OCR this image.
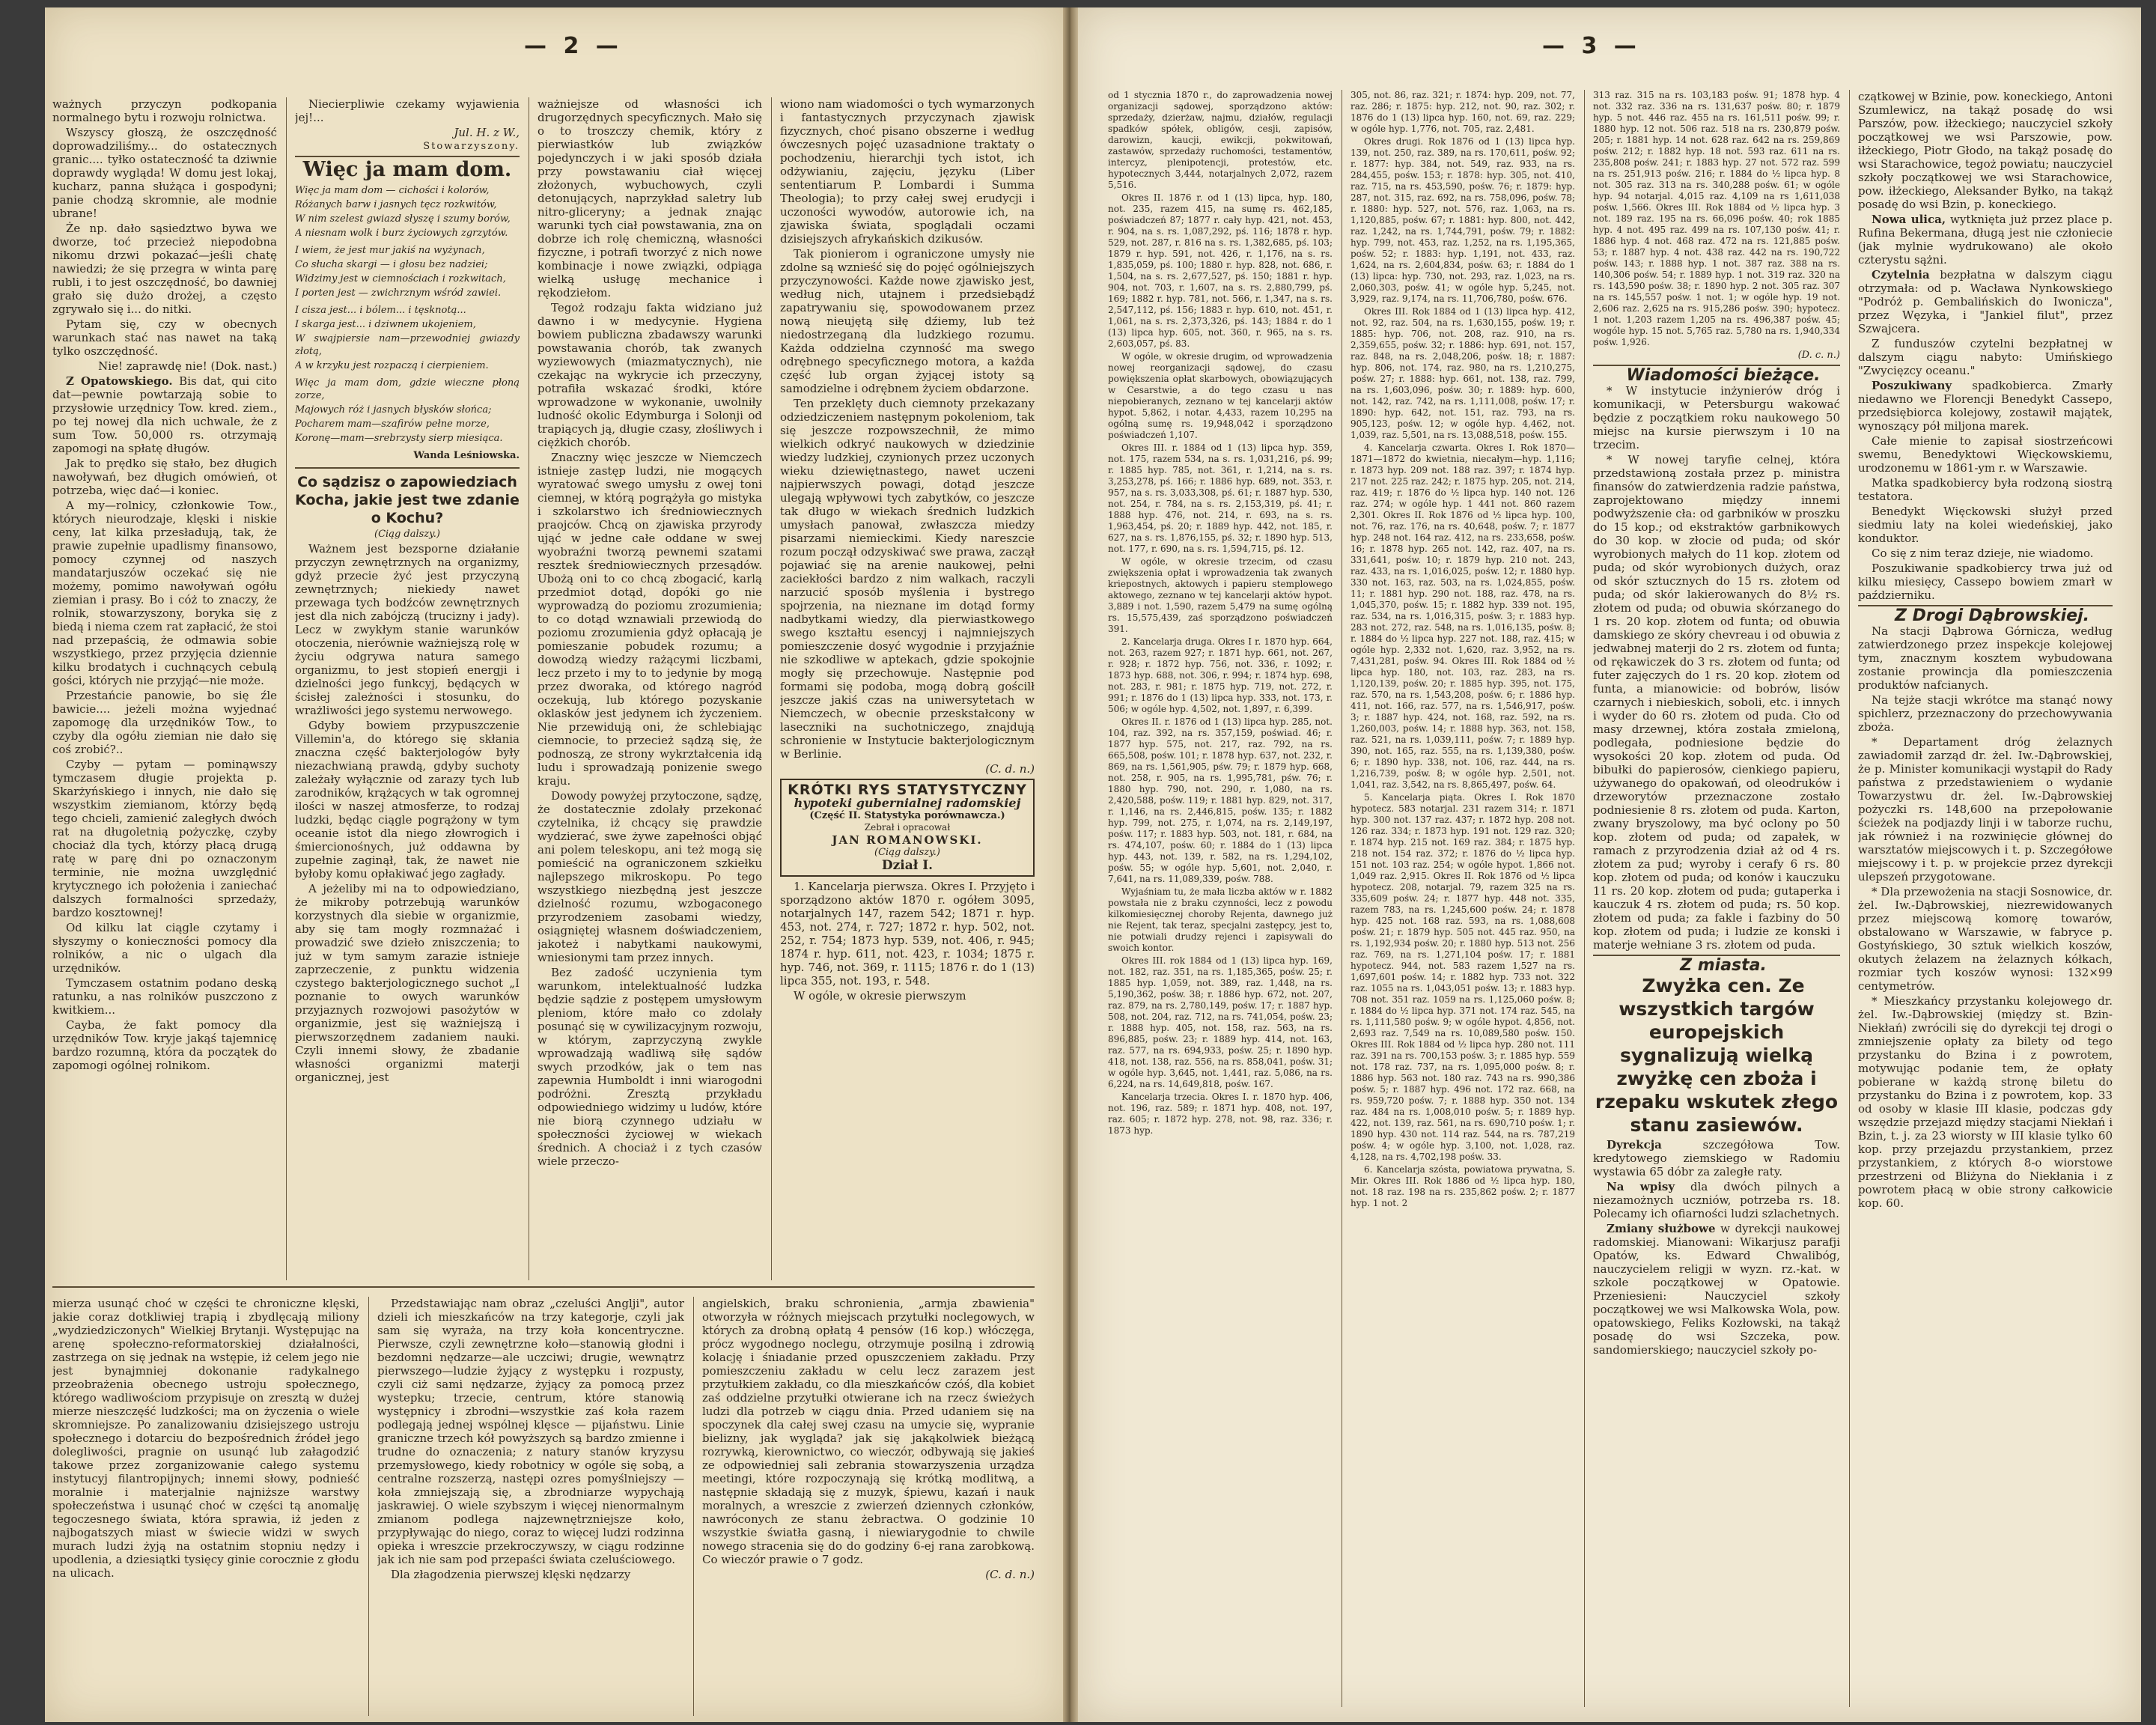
— 2 —

ważnych przyczyn podkopania normalnego bytu i rozwoju rolnictwa.

Wszyscy głoszą, że oszczędność doprowadziliśmy... do ostatecznych granic.... tyłko ostateczność ta dziwnie doprawdy wygląda! W domu jest lokaj, kucharz, panna służąca i gospodyni; panie chodzą skromnie, ale modnie ubrane!

Że np. dało sąsiedztwo bywa we dworze, toć przecież niepodobna nikomu drzwi pokazać—jeśli chatę nawiedzi; że się przegra w winta parę rubli, i to jest oszczędność, bo dawniej grało się dużo drożej, a często zgrywało się i... do nitki.

Pytam się, czy w obecnych warunkach stać nas nawet na taką tylko oszczędność.

Nie! zaprawdę nie! (Dok. nast.)

Z Opatowskiego. Bis dat, qui cito dat—pewnie powtarzają sobie to przysłowie urzędnicy Tow. kred. ziem., po tej nowej dla nich uchwale, że z sum Tow. 50,000 rs. otrzymają zapomogi na spłatę długów.

Jak to prędko się stało, bez długich nawoływań, bez długich omówień, ot potrzeba, więc dać—i koniec.

A my—rolnicy, członkowie Tow., których nieurodzaje, klęski i niskie ceny, lat kilka przesładują, tak, że prawie zupełnie upadlismy finansowo, pomocy czynnej od naszych mandatarjuszów oczekać się nie możemy, pomimo nawoływań ogółu ziemian i prasy. Bo i cóż to znaczy, że rolnik, stowarzyszony, borykа się z biedą i niema czem rat zapłacić, że stoi nad przepaścią, że odmawia sobie wszystkiego, przez przyjęcia dziennie kilku brodatych i cuchnących cebulą gości, których nie przyjąć—nie może.

Przestańcie panowie, bo się źle bawicie.... jeżeli można wyjednać zapomogę dla urzędników Tow., to czyby dla ogółu ziemian nie dało się coś zrobić?..

Czyby — pytam — pominąwszy tymczasem długie projekta p. Skarżyńskiego i innych, nie dało się wszystkim ziemianom, którzy będą tego chcieli, zamienić zaległych dwóch rat na długoletnią pożyczkę, czyby chociaż dla tych, którzy płacą drugą ratę w parę dni po oznaczonym terminie, nie można uwzględnić krytycznego ich położenia i zaniechać dalszych formalności sprzedaży, bardzo kosztownej!

Od kilku lat ciągle czytamy i słyszymy o konieczności pomocy dla rolników, a nic o ulgach dla urzędników.

Tymczasem ostatnim podano deską ratunku, a nas rolników puszczono z kwitkiem...

Cayba, że fakt pomocy dla urzędników Tow. kryje jakąś tajemnicę bardzo rozumną, która da początek do zapomogi ogólnej rolnikom.

Niecierpliwie czekamy wyjawienia jej!...

Jul. H. z W.,

Stowarzyszony.

Więc ja mam dom.

Więc ja mam dom — cichości i kolorów,

Różanych barw i jasnych tęcz rozkwitów,

W nim szelest gwiazd słyszę i szumy borów,

A niesnam wolk i burz życiowych zgrzytów.

I wiem, że jest mur jakiś na wyżynach,

Co słucha skargi — i głosu bez nadziei;

Widzimy jest w ciemnościach i rozkwitach,

I porten jest — zwichrznym wśród zawiei.

I cisza jest... i bólem... i tęsknotą...

I skarga jest... i dziwnem ukojeniem,

W swajpiersie nam—przewodniej gwiazdy złotą,

A w krzyku jest rozpaczą i cierpieniem.

Więc ja mam dom, gdzie wieczne płoną zorze,

Majowych róż i jasnych błysków słońca;

Pocharem mam—szafirów pełne morze,

Koronę—mam—srebrzysty sierp miesiąca.

Wanda Leśniowska.

Co sądzisz o zapowiedziach Kocha, jakie jest twe zdanie o Kochu?

(Ciąg dalszy.)

Ważnem jest bezsporne działanie przyczyn zewnętrznych na organizmy, gdyż przecie żyć jest przyczyną zewnętrznych; niekiedy nawet przewaga tych bodźców zewnętrznych jest dla nich zabójczą (trucizny i jady). Lecz w zwykłym stanie warunków otoczenia, nierównie ważniejszą rolę w życiu odgrywa natura samego organizmu, to jest stopień energji i dzielności jego funkcyj, będących w ścisłej zależności i stosunku, do wrażliwości jego systemu nerwowego.

Gdyby bowiem przypuszczenie Villemin'a, do którego się skłania znaczna część bakterjologów były niezachwianą prawdą, gdyby suchoty zależały wyłącznie od zarazy tych lub zarodników, krążących w tak ogromnej ilości w naszej atmosferze, to rodzaj ludzki, będąc ciągle pogrążony w tym oceanie istot dla niego złowrogich i śmiercionośnych, już oddawna by zupełnie zaginął, tak, że nawet nie byłoby komu opłakiwać jego zagłady.

A jeżeliby mi na to odpowiedziano, że mikroby potrzebują warunków korzystnych dla siebie w organizmie, aby się tam mogły rozmnażać i prowadzić swe dzieło zniszczenia; to już w tym samym zarazie istnieje zaprzeczenie, z punktu widzenia czystego bakterjologicznego suchot „I poznanie to owych warunków przyjaznych rozwojowi pasożytów w organizmie, jest się ważniejszą i pierwszorzędnem zadaniem nauki. Czyli innemi słowy, że zbadanie własności organizmi materji organicznej, jest

ważniejsze od własności ich drugorzędnych specyficznych. Mało się o to troszczy chemik, który z pierwiastków lub związków pojedynczych i w jaki sposób działa przy powstawaniu ciał więcej złożonych, wybuchowych, czyli detonujących, naprzykład saletry lub nitro-gliceryny; a jednak znając warunki tych ciał powstawania, zna on dobrze ich rolę chemiczną, własności fizyczne, i potrafi tworzyć z nich nowe kombinacje i nowe związki, odpiąga wielką usługę mechanice i rękodziełom.

Tegoż rodzaju fakta widziano już dawno i w medycynie. Hygiena bowiem publiczna zbadawszy warunki powstawania chorób, tak zwanych wyziewowych (miazmatycznych), nie czekając na wykrycie ich przeczyny, potrafiła wskazać środki, które wprowadzone w wykonanie, uwolniły ludność okolic Edymburga i Solonji od trapiących ją, długie czasy, złośliwych i ciężkich chorób.

Znaczny więc jeszcze w Niemczech istnieje zastęp ludzi, nie mogących wyratować swego umysłu z owej toni ciemnej, w którą pogrążyła go mistyka i szkolarstwo ich średniowiecznych praojców. Chcą on zjawiska przyrody ująć w jedne całe oddane w swej wyobraźni tworzą pewnemi szatami resztek średniowiecznych przesądów. Ubożą oni to co chcą zbogacić, karlą przedmiot dotąd, dopóki go nie wyprowadzą do poziomu zrozumienia; to co dotąd wznawiali przewiodą do poziomu zrozumienia gdyż opłacają je pomieszanie pobudek rozumu; a dowodzą wiedzy rażącymi liczbami, lecz przeto i my to to jedynie by mogą przez dworaka, od którego nagród oczekują, lub którego pozyskanie oklasków jest jedynem ich życzeniem. Nie przewidują oni, że schlebiając ciemnocie, to przecież sądzą się, że podnoszą, ze strony wykrztałcenia idą ludu i sprowadzają ponizenie swego kraju.

Dowody powyżej przytoczone, sądzę, że dostatecznie zdolały przekonać czytelnika, iż chcący się prawdzie wydzierać, swe żywe zapełności objąć ani polem teleskopu, ani też mogą się pomieścić na ograniczonem szkiełku najlepszego mikroskopu. Po tego wszystkiego niezbędną jest jeszcze dzielność rozumu, wzbogaconego przyrodzeniem zasobami wiedzy, osiągniętej własnem doświadczeniem, jakoteż i nabytkami naukowymi, wniesionymi tam przez innych.

Bez zadość uczynienia tym warunkom, intelektualność ludzka będzie sądzie z postępem umysłowym pleniom, które mało co zdolały posunąć się w cywilizacyjnym rozwoju, w którym, zaprzyczyną zwykle wprowadzają wadliwą siłę sądów swych przodków, jak o tem nas zapewnia Humboldt i inni wiarogodni podróżni. Zresztą przykładu odpowiedniego widzimy u ludów, które nie biorą czynnego udziału w społeczności życiowej w wiekach średnich. A chociaż i z tych czasów wiele przeczo-

wiono nam wiadomości o tych wymarzonych i fantastycznych przyczynach zjawisk fizycznych, choć pisano obszerne i według ówczesnych pojęć uzasadnione traktaty o pochodzeniu, hierarchji tych istot, ich odżywianiu, zajęciu, języku (Liber sententiarum P. Lombardi i Summa Theologia); to przy całej swej erudycji i uczoności wywodów, autorowie ich, na zjawiska świata, spoglądali oczami dzisiejszych afrykańskich dzikusów.

Tak pionierom i ograniczone umysły nie zdolne są wznieść się do pojęć ogólniejszych przyczynowości. Każde nowe zjawisko jest, według nich, utajnem i przedsiebądź zapatrywaniu się, spowodowanem przez nową nieujętą siłę dźiemy, lub też niedostrzeganą dla ludzkiego rozumu. Każda oddzielna czynność ma swego odrębnego specyficznego motora, a każda część lub organ żyjącej istoty są samodzielne i odrębnem życiem obdarzone.

Ten przeklęty duch ciemnoty przekazany odziedziczeniem następnym pokoleniom, tak się jeszcze rozpowszechnił, że mimo wielkich odkryć naukowych w dziedzinie wiedzy ludzkiej, czynionych przez uczonych wieku dziewiętnastego, nawet uczeni najpierwszych powagi, dotąd jeszcze ulegają wpływowi tych zabytków, co jeszcze tak długo w wiekach średnich ludzkich umysłach panował, zwłaszcza miedzy pisarzami niemieckimi. Kiedy nareszcie rozum począł odzyskiwać swe prawa, zaczął pojawiać się na arenie naukowej, pełni zaciekłości bardzo z nim walkach, raczyli narzucić sposób myślenia i bystrego spojrzenia, na nieznane im dotąd formy nadbytkami wiedzy, dla pierwiastkowego swego kształtu esencyj i najmniejszych pomieszczenie dosyć wygodnie i przyjaźnie nie szkodliwe w aptekach, gdzie spokojnie mogły się przechowuje. Następnie pod formami się podoba, mogą dobrą gościlł jeszcze jakiś czas na uniwersytetach w Niemczech, w obecnie przeskstałcony w laseczniki na suchotniczego, znajdują schronienie w Instytucie bakterjologicznym w Berlinie.

(C. d. n.)

KRÓTKI RYS STATYSTYCZNY
hypoteki gubernialnej radomskiej
(Część II. Statystyka porównawcza.)
Zebrał i opracował
JAN ROMANOWSKI.
(Ciąg dalszy.)
Dział I.

1. Kancelarja pierwsza. Okres I. Przyjęto i sporządzono aktów 1870 r. ogółem 3095, notarjalnych 147, razem 542; 1871 r. hyp. 453, not. 274, r. 727; 1872 r. hyp. 502, not. 252, r. 754; 1873 hyp. 539, not. 406, r. 945; 1874 r. hyp. 611, not. 423, r. 1034; 1875 r. hyp. 746, not. 369, r. 1115; 1876 r. do 1 (13) lipca 355, not. 193, r. 548.

W ogóle, w okresie pierwszym

mierza usunąć choć w części te chroniczne klęski, jakie coraz dotkliwiej trapią i zbydlęcają miliony „wydziedziczonych" Wielkiej Brytanji. Występując na arenę społeczno-reformatorskiej działalności, zastrzega on się jednak na wstępie, iż celem jego nie jest bynajmniej dokonanie radykalnego przeobrażenia obecnego ustroju społecznego, którego wadliwościom przypisuje on zresztą w dużej mierze nieszczęść ludzkości; ma on życzenia o wiele skromniejsze. Po zanalizowaniu dzisiejszego ustroju społecznego i dotarciu do bezpośrednich źródeł jego dolegliwości, pragnie on usunąć lub załagodzić takowe przez zorganizowanie całego systemu instytucyj filantropijnych; innemi słowy, podnieść moralnie i materjalnie najniższe warstwy społeczeństwa i usunąć choć w części tą anomalję tegoczesnego świata, która sprawia, iż jeden z najbogatszych miast w świecie widzi w swych murach ludzi żyją na ostatnim stopniu nędzy i upodlenia, a dziesiątki tysięcy ginie corocznie z głodu na ulicach.

Przedstawiając nam obraz „czeluści Anglji", autor dzieli ich mieszkańców na trzy kategorje, czyli jak sam się wyraża, na trzy koła koncentryczne. Pierwsze, czyli zewnętrzne koło—stanowią głodni i bezdomni nędzarze—ale uczciwi; drugie, wewnątrz pierwszego—ludzie żyjący z występku i rozpusty, czyli ciż sami nędzarze, żyjący za pomocą przez wystepku; trzecie, centrum, które stanowią występnicy i zbrodni—wszystkie zaś koła razem podlegają jednej wspólnej klęsce — pijaństwu. Linie graniczne trzech kół powyższych są bardzo zmienne i trudne do oznaczenia; z natury stanów kryzysu przemysłowego, kiedy robotnicy w ogóle się sobą, a centralne rozszerzą, następi ozres pomyślniejszy — koła zmniejszają się, a zbrodniarze wypychają jaskrawiej. O wiele szybszym i więcej nienormalnym zmianom podlega najzewnętrzniejsze koło, przypływając do niego, coraz to więcej ludzi rodzinna opieka i wreszcie przekroczywszy, w ciągu rodzinne jak ich nie sam pod przepaści świata czeluściowego.

Dla złagodzenia pierwszej klęski nędzarzy

angielskich, braku schronienia, „armja zbawienia" otworzyła w różnych miejscach przytułki noclegowych, w których za drobną opłatą 4 pensów (16 kop.) włóczęga, prócz wygodnego noclegu, otrzymuje posilną i zdrowią kolację i śniadanie przed opuszczeniem zakładu. Przy pomieszczeniu zakładu w celu lecz zarazem jest przytułkiem zakładu, co dla mieszkańców czóś, dla kobiet zaś oddzielne przytułki otwierane ich na rzecz świeżych ludzi dla potrzeb w ciągu dnia. Przed udaniem się na spoczynek dla całej swej czasu na umycie się, wypranie bielizny, jak wygląda? jak się jakąkolwiek bieżącą rozrywką, kierownictwo, co wieczór, odbywają się jakieś ze odpowiedniej sali zebrania stowarzyszenia urządza meetingi, które rozpoczynają się krótką modlitwą, a następnie składają się z muzyk, śpiewu, kazań i nauk moralnych, a wreszcie z zwierzeń dziennych członków, nawróconych ze stanu żebractwa. O godzinie 10 wszystkie światła gasną, i niewiarygodnie to chwile nowego stracenia się do do godziny 6-ej rana zarobkową. Co wieczór prawie o 7 godz.

(C. d. n.)

— 3 —

od 1 stycznia 1870 r., do zaprowadzenia nowej organizacji sądowej, sporządzono aktów: sprzedaży, dzierżaw, najmu, działów, regulacji spadków spółek, obligów, cesji, zapisów, darowizn, kaucji, ewikcji, pokwitowań, zastawów, sprzedaży ruchomości, testamentów, intercyz, plenipotencji, protestów, etc. hypotecznych 3,444, notarjalnych 2,072, razem 5,516.

Okres II. 1876 r. od 1 (13) lipca, hyp. 180, not. 235, razem 415, na sumę rs. 462,185, poświadczeń 87; 1877 r. cały hyp. 421, not. 453, r. 904, na s. rs. 1,087,292, pś. 116; 1878 r. hyp. 529, not. 287, r. 816 na s. rs. 1,382,685, pś. 103; 1879 r. hyp. 591, not. 426, r. 1,176, na s. rs. 1,835,059, pś. 100; 1880 r. hyp. 828, not. 686, r. 1,504, na s. rs. 2,677,527, pś. 150; 1881 r. hyp. 904, not. 703, r. 1,607, na s. rs. 2,880,799, pś. 169; 1882 r. hyp. 781, not. 566, r. 1,347, na s. rs. 2,547,112, pś. 156; 1883 r. hyp. 610, not. 451, r. 1,061, na s. rs. 2,373,326, pś. 143; 1884 r. do 1 (13) lipca hyp. 605, not. 360, r. 965, na s. rs. 2,603,057, pś. 83.

W ogóle, w okresie drugim, od wprowadzenia nowej reorganizacji sądowej, do czasu powiększenia opłat skarbowych, obowiązujących w Cesarstwie, a do tego czasu u nas niepobieranych, zeznano w tej kancelarji aktów hypot. 5,862, i notar. 4,433, razem 10,295 na ogólną sumę rs. 19,948,042 i sporządzono poświadczeń 1,107.

Okres III. r. 1884 od 1 (13) lipca hyp. 359, not. 175, razem 534, na s. rs. 1,031,216, pś. 99; r. 1885 hyp. 785, not. 361, r. 1,214, na s. rs. 3,253,278, pś. 166; r. 1886 hyp. 689, not. 353, r. 957, na s. rs. 3,033,308, pś. 61; r. 1887 hyp. 530, not. 254, r. 784, na s. rs. 2,153,319, pś. 41; r. 1888 hyp. 476, not. 214, r. 693, na s. rs. 1,963,454, pś. 20; r. 1889 hyp. 442, not. 185, r. 627, na s. rs. 1,876,155, pś. 32; r. 1890 hyp. 513, not. 177, r. 690, na s. rs. 1,594,715, pś. 12.

W ogóle, w okresie trzecim, od czasu zwiększenia opłat i wprowadzenia tak zwanych kriepostnych, aktowych i papieru stemplowego aktowego, zeznano w tej kancelarji aktów hypot. 3,889 i not. 1,590, razem 5,479 na sumę ogólną rs. 15,575,439, zaś sporządzono poświadczeń 391.

2. Kancelarja druga. Okres I r. 1870 hyp. 664, not. 263, razem 927; r. 1871 hyp. 661, not. 267, r. 928; r. 1872 hyp. 756, not. 336, r. 1092; r. 1873 hyp. 688, not. 306, r. 994; r. 1874 hyp. 698, not. 283, r. 981; r. 1875 hyp. 719, not. 272, r. 991; r. 1876 do 1 (13) lipca hyp. 333, not. 173, r. 506; w ogóle hyp. 4,502, not. 1,897, r. 6,399.

Okres II. r. 1876 od 1 (13) lipca hyp. 285, not. 104, raz. 392, na rs. 357,159, poświad. 46; r. 1877 hyp. 575, not. 217, raz. 792, na rs. 665,508, pośw. 101; r. 1878 hyp. 637, not. 232, r. 869, na rs. 1,561,905, pśw. 79; r. 1879 hyp. 668, not. 258, r. 905, na rs. 1,995,781, pśw. 76; r. 1880 hyp. 790, not. 290, r. 1,080, na rs. 2,420,588, pośw. 119; r. 1881 hyp. 829, not. 317, r. 1,146, na rs. 2,446,815, pośw. 135; r. 1882 hyp. 799, not. 275, r. 1,074, na rs. 2,149,197, pośw. 117; r. 1883 hyp. 503, not. 181, r. 684, na rs. 474,107, pośw. 60; r. 1884 do 1 (13) lipca hyp. 443, not. 139, r. 582, na rs. 1,294,102, pośw. 55; w ogóle hyp. 5,601, not. 2,040, r. 7,641, na rs. 11,089,339, pośw. 788.

Wyjaśniam tu, że mała liczba aktów w r. 1882 powstała nie z braku czynności, lecz z powodu kilkomiesięcznej choroby Rejenta, dawnego już nie Rejent, tak teraz, specjalni zastępcy, jest to, nie potwiali drudzy rejenci i zapisywali do swoich kontor.

Okres III. rok 1884 od 1 (13) lipca hyp. 169, not. 182, raz. 351, na rs. 1,185,365, pośw. 25; r. 1885 hyp. 1,059, not. 389, raz. 1,448, na rs. 5,190,362, pośw. 38; r. 1886 hyp. 672, not. 207, raz. 879, na rs. 2,780,149, pośw. 17; r. 1887 hyp. 508, not. 204, raz. 712, na rs. 741,054, pośw. 23; r. 1888 hyp. 405, not. 158, raz. 563, na rs. 896,885, pośw. 23; r. 1889 hyp. 414, not. 163, raz. 577, na rs. 694,933, pośw. 25; r. 1890 hyp. 418, not. 138, raz. 556, na rs. 858,041, pośw. 31; w ogóle hyp. 3,645, not. 1,441, raz. 5,086, na rs. 6,224, na rs. 14,649,818, pośw. 167.

Kancelarja trzecia. Okres I. r. 1870 hyp. 406, not. 196, raz. 589; r. 1871 hyp. 408, not. 197, raz. 605; r. 1872 hyp. 278, not. 98, raz. 336; r. 1873 hyp.

305, not. 86, raz. 321; r. 1874: hyp. 209, not. 77, raz. 286; r. 1875: hyp. 212, not. 90, raz. 302; r. 1876 do 1 (13) lipca hyp. 160, not. 69, raz. 229; w ogóle hyp. 1,776, not. 705, raz. 2,481.

Okres drugi. Rok 1876 od 1 (13) lipca hyp. 139, not. 250, raz. 389, na rs. 170,611, pośw. 92; r. 1877: hyp. 384, not. 549, raz. 933, na rs. 284,455, pośw. 153; r. 1878: hyp. 305, not. 410, raz. 715, na rs. 453,590, pośw. 76; r. 1879: hyp. 287, not. 315, raz. 692, na rs. 758,096, pośw. 78; r. 1880: hyp. 527, not. 576, raz. 1,063, na rs. 1,120,885, pośw. 67; r. 1881: hyp. 800, not. 442, raz. 1,242, na rs. 1,744,791, pośw. 79; r. 1882: hyp. 799, not. 453, raz. 1,252, na rs. 1,195,365, pośw. 52; r. 1883: hyp. 1,191, not. 433, raz. 1,624, na rs. 2,604,834, pośw. 63; r. 1884 do 1 (13) lipca: hyp. 730, not. 293, raz. 1,023, na rs. 2,060,303, pośw. 41; w ogóle hyp. 5,245, not. 3,929, raz. 9,174, na rs. 11,706,780, pośw. 676.

Okres III. Rok 1884 od 1 (13) lipca hyp. 412, not. 92, raz. 504, na rs. 1,630,155, pośw. 19; r. 1885: hyp. 706, not. 208, raz. 910, na rs. 2,359,655, pośw. 32; r. 1886: hyp. 691, not. 157, raz. 848, na rs. 2,048,206, pośw. 18; r. 1887: hyp. 806, not. 174, raz. 980, na rs. 1,210,275, pośw. 27; r. 1888: hyp. 661, not. 138, raz. 799, na rs. 1,603,096, pośw. 30; r. 1889: hyp. 600, not. 142, raz. 742, na rs. 1,111,008, pośw. 17; r. 1890: hyp. 642, not. 151, raz. 793, na rs. 905,123, pośw. 12; w ogóle hyp. 4,462, not. 1,039, raz. 5,501, na rs. 13,088,518, pośw. 155.

4. Kancelarja czwarta. Okres I. Rok 1870—1871—1872 do kwietnia, niecałym—hyp. 1,116; r. 1873 hyp. 209 not. 188 raz. 397; r. 1874 hyp. 217 not. 225 raz. 242; r. 1875 hyp. 205, not. 214, raz. 419; r. 1876 do ½ lipca hyp. 140 not. 126 raz. 274; w ogóle hyp. 1 441 not. 860 razem 2,301. Okres II. Rok 1876 od ½ lipca hyp. 100, not. 76, raz. 176, na rs. 40,648, pośw. 7; r. 1877 hyp. 248 not. 164 raz. 412, na rs. 233,658, pośw. 16; r. 1878 hyp. 265 not. 142, raz. 407, na rs. 331,641, pośw. 10; r. 1879 hyp. 210 not. 243, raz. 433, na rs. 1,016,025, pośw. 12; r. 1880 hyp. 330 not. 163, raz. 503, na rs. 1,024,855, pośw. 11; r. 1881 hyp. 290 not. 188, raz. 478, na rs. 1,045,370, pośw. 15; r. 1882 hyp. 339 not. 195, raz. 534, na rs. 1,016,315, pośw. 3; r. 1883 hyp. 283 not. 272, raz. 548, na rs. 1,016,135, pośw. 8; r. 1884 do ½ lipca hyp. 227 not. 188, raz. 415; w ogóle hyp. 2,332 not. 1,620, raz. 3,952, na rs. 7,431,281, pośw. 94. Okres III. Rok 1884 od ½ lipca hyp. 180, not. 103, raz. 283, na rs. 1,120,139, pośw. 20; r. 1885 hyp. 395, not. 175, raz. 570, na rs. 1,543,208, pośw. 6; r. 1886 hyp. 411, not. 166, raz. 577, na rs. 1,546,917, pośw. 3; r. 1887 hyp. 424, not. 168, raz. 592, na rs. 1,260,003, pośw. 14; r. 1888 hyp. 363, not. 158, raz. 521, na rs. 1,039,111, pośw. 7; r. 1889 hyp. 390, not. 165, raz. 555, na rs. 1,139,380, pośw. 6; r. 1890 hyp. 338, not. 106, raz. 444, na rs. 1,216,739, pośw. 8; w ogóle hyp. 2,501, not. 1,041, raz. 3,542, na rs. 8,865,497, pośw. 64.

5. Kancelarja piąta. Okres I. Rok 1870 hypotecz. 583 notarjal. 231 razem 314; r. 1871 hyp. 300 not. 137 raz. 437; r. 1872 hyp. 208 not. 126 raz. 334; r. 1873 hyp. 191 not. 129 raz. 320; r. 1874 hyp. 215 not. 169 raz. 384; r. 1875 hyp. 218 not. 154 raz. 372; r. 1876 do ½ lipca hyp. 151 not. 103 raz. 254; w ogóle hypot. 1,866 not. 1,049 raz. 2,915. Okres II. Rok 1876 od ½ lipca hypotecz. 208, notarjal. 79, razem 325 na rs. 335,609 pośw. 24; r. 1877 hyp. 448 not. 335, razem 783, na rs. 1,245,600 pośw. 24; r. 1878 hyp. 425 not. 168 raz. 593, na rs. 1,088,608 pośw. 21; r. 1879 hyp. 505 not. 445 raz. 950, na rs. 1,192,934 pośw. 20; r. 1880 hyp. 513 not. 256 raz. 769, na rs. 1,271,104 pośw. 17; r. 1881 hypotecz. 944, not. 583 razem 1,527 na rs. 1,697,601 pośw. 14; r. 1882 hyp. 733 not. 322 raz. 1055 na rs. 1,043,051 pośw. 13; r. 1883 hyp. 708 not. 351 raz. 1059 na rs. 1,125,060 pośw. 8; r. 1884 do ½ lipca hyp. 371 not. 174 raz. 545, na rs. 1,111,580 pośw. 9; w ogóle hypot. 4,856, not. 2,693 raz. 7,549 na rs. 10,089,580 pośw. 150. Okres III. Rok 1884 od ½ lipca hyp. 280 not. 111 raz. 391 na rs. 700,153 pośw. 3; r. 1885 hyp. 559 not. 178 raz. 737, na rs. 1,095,000 pośw. 8; r. 1886 hyp. 563 not. 180 raz. 743 na rs. 990,386 pośw. 5; r. 1887 hyp. 496 not. 172 raz. 668, na rs. 959,720 pośw. 7; r. 1888 hyp. 350 not. 134 raz. 484 na rs. 1,008,010 pośw. 5; r. 1889 hyp. 422, not. 139, raz. 561, na rs. 690,710 pośw. 1; r. 1890 hyp. 430 not. 114 raz. 544, na rs. 787,219 pośw. 4; w ogóle hyp. 3,100, not. 1,028, raz. 4,128, na rs. 4,702,198 pośw. 33.

6. Kancelarja szósta, powiatowa prywatna, S. Mir. Okres III. Rok 1886 od ½ lipca hyp. 180, not. 18 raz. 198 na rs. 235,862 pośw. 2; r. 1877 hyp. 1 not. 2

313 raz. 315 na rs. 103,183 pośw. 91; 1878 hyp. 4 not. 332 raz. 336 na rs. 131,637 pośw. 80; r. 1879 hyp. 5 not. 446 raz. 455 na rs. 161,511 pośw. 99; r. 1880 hyp. 12 not. 506 raz. 518 na rs. 230,879 pośw. 205; r. 1881 hyp. 14 not. 628 raz. 642 na rs. 259,869 pośw. 212; r. 1882 hyp. 18 not. 593 raz. 611 na rs. 235,808 pośw. 241; r. 1883 hyp. 27 not. 572 raz. 599 na rs. 251,913 pośw. 216; r. 1884 do ½ lipca hyp. 8 not. 305 raz. 313 na rs. 340,288 pośw. 61; w ogóle hyp. 94 notarjal. 4,015 raz. 4,109 na rs 1,611,038 pośw. 1,566. Okres III. Rok 1884 od ½ lipca hyp. 3 not. 189 raz. 195 na rs. 66,096 pośw. 40; rok 1885 hyp. 4 not. 495 raz. 499 na rs. 107,130 pośw. 41; r. 1886 hyp. 4 not. 468 raz. 472 na rs. 121,885 pośw. 53; r. 1887 hyp. 4 not. 438 raz. 442 na rs. 190,722 pośw. 143; r. 1888 hyp. 1 not. 387 raz. 388 na rs. 140,306 pośw. 54; r. 1889 hyp. 1 not. 319 raz. 320 na rs. 143,590 pośw. 38; r. 1890 hyp. 2 not. 305 raz. 307 na rs. 145,557 pośw. 1 not. 1; w ogóle hyp. 19 not. 2,606 raz. 2,625 na rs. 915,286 pośw. 390; hypotecz. 1 not. 1,203 razem 1,205 na rs. 496,387 pośw. 45; wogóle hyp. 15 not. 5,765 raz. 5,780 na rs. 1,940,334 pośw. 1,926.

(D. c. n.)

Wiadomości bieżące.

* W instytucie inżynierów dróg i komunikacji, w Petersburgu wakować będzie z początkiem roku naukowego 50 miejsc na kursie pierwszym i 10 na trzecim.

* W nowej taryfie celnej, która przedstawioną została przez p. ministra finansów do zatwierdzenia radzie państwa, zaprojektowano między innemi podwyższenie cła: od garbników w proszku do 15 kop.; od ekstraktów garbnikowych do 30 kop. w złocie od puda; od skór wyrobionych małych do 11 kop. złotem od puda; od skór wyrobionych dużych, oraz od skór sztucznych do 15 rs. złotem od puda; od skór lakierowanych do 8½ rs. złotem od puda; od obuwia skórzanego do 1 rs. 20 kop. złotem od funta; od obuwia damskiego ze skóry chevreau i od obuwia z jedwabnej materji do 2 rs. złotem od funta; od rękawiczek do 3 rs. złotem od funta; od futer zajęczych do 1 rs. 20 kop. złotem od funta, a mianowicie: od bobrów, lisów czarnych i niebieskich, soboli, etc. i innych i wyder do 60 rs. złotem od puda. Cło od masy drzewnej, która została zmieloną, podlegała, podniesione będzie do wysokości 20 kop. złotem od puda. Od bibułki do papierosów, cienkiego papieru, używanego do opakowań, od oleodruków i drzeworytów przeznaczone zostało podniesienie 8 rs. złotem od puda. Karton, zwany bryszolowy, ma być oclony po 50 kop. złotem od puda; od zapałek, w ramach z przyrodzenia dział aż od 4 rs. złotem za pud; wyroby i cerafy 6 rs. 80 kop. złotem od puda; od konów i kauczuku 11 rs. 20 kop. złotem od puda; gutaperka i kauczuk 4 rs. złotem od puda; rs. 50 kop. złotem od puda; za fakle i fazbiny do 50 kop. złotem od puda; i ludzie ze konski i materje wełniane 3 rs. złotem od puda.

Z miasta.

Zwyżka cen. Ze wszystkich targów europejskich sygnalizują wielką zwyżkę cen zboża i rzepaku wskutek złego stanu zasiewów.

Dyrekcja	szczegółowa Tow. kredytowego ziemskiego w Radomiu wystawia 65 dóbr za zaległe raty.

Na wpisy dla dwóch pilnych a niezamożnych uczniów, potrzeba rs. 18. Polecamy ich ofiarności ludzi szlachetnych.

Zmiany służbowe w dyrekcji naukowej radomskiej. Mianowani: Wikarjusz parafji Opatów, ks. Edward Chwalibóg, nauczycielem religji w wyzn. rz.-kat. w szkole początkowej w Opatowie. Przeniesieni: Nauczyciel szkoły początkowej we wsi Malkowska Wola, pow. opatowskiego, Feliks Kozłowski, na takąż posadę do wsi Szczeka, pow. sandomierskiego; nauczyciel szkoły po-

czątkowej w Bzinie, pow. koneckiego, Antoni Szumlewicz, na takąż posadę do wsi Parszów, pow. iłżeckiego; nauczyciel szkoły początkowej we wsi Parszowie, pow. iłżeckiego, Piotr Głodo, na takąż posadę do wsi Starachowice, tegoż powiatu; nauczyciel szkoły początkowej we wsi Starachowice, pow. iłżeckiego, Aleksander Byłko, na takąż posadę do wsi Bzin, p. koneckiego.

Nowa ulica, wytknięta już przez place p. Rufina Bekermana, długą jest nie członiecie (jak mylnie wydrukowano) ale około czterystu sążni.

Czytelnia bezpłatna w dalszym ciągu otrzymała: od p. Wacława Nynkowskiego "Podróż p. Gembalińskich do Iwonicza", przez Węzyka, i "Jankiel filut", przez Szwajcera.

Z funduszów czytelni bezpłatnej w dalszym ciągu nabyto: Umińskiego "Zwycięzcy oceanu."

Poszukiwany spadkobierca. Zmarły niedawno we Florencji Benedykt Cassepo, przedsiębiorca kolejowy, zostawił majątek, wynoszący pół miljona marek.

Całe mienie to zapisał siostrzeńcowi swemu, Benedyktowi Więckowskiemu, urodzonemu w 1861-ym r. w Warszawie.

Matka spadkobiercy była rodzoną siostrą testatora.

Benedykt Więckowski służył przed siedmiu laty na kolei wiedeńskiej, jako konduktor.

Co się z nim teraz dzieje, nie wiadomo.

Poszukiwanie spadkobiercy trwa już od kilku miesięcy, Cassepo bowiem zmarł w październiku.

Z Drogi Dąbrowskiej.

Na stacji Dąbrowa Górnicza, według zatwierdzonego przez inspekcje kolejowej tym, znacznym kosztem wybudowana zostanie prowincja dla pomieszczenia produktów nafcianych.

Na tejże stacji wkrótce ma stanąć nowy spichlerz, przeznaczony do przechowywania zboża.

* Departament dróg żelaznych zawiadomił zarząd dr. żel. Iw.-Dąbrowskiej, że p. Minister komunikacji wystąpił do Rady państwa z przedstawieniem o wydanie Towarzystwu dr. żel. Iw.-Dąbrowskiej pożyczki rs. 148,600 na przepołowanie ścieżek na podjazdy linji i w taborze ruchu, jak również i na rozwinięcie głównej do warsztatów miejscowych i t. p. Szczegółowe miejscowy i t. p. w projekcie przez dyrekcji ulepszeń przygotowane.

* Dla przewożenia na stacji Sosnowice, dr. żel. Iw.-Dąbrowskiej, niezrewidowanych przez miejscową komorę towarów, obstalowano w Warszawie, w fabryce p. Gostyńskiego, 30 sztuk wielkich koszów, okutych żelazem na żelaznych kółkach, rozmiar tych koszów wynosi: 132×99 centymetrów.

* Mieszkańcy przystanku kolejowego dr. żel. Iw.-Dąbrowskiej (między st. Bzin-Niekłań) zwrócili się do dyrekcji tej drogi o zmniejszenie opłaty za bilety od tego przystanku do Bzina i z powrotem, motywując podanie tem, że opłaty pobierane w każdą stronę biletu do przystanku do Bzina i z powrotem, kop. 33 od osoby w klasie III klasie, podczas gdy wszędzie przejazd między stacjami Niekłań i Bzin, t. j. za 23 wiorsty w III klasie tylko 60 kop. przy przejazdu przystankiem, przez przystankiem, z których 8-o wiorstowe przestrzeni od Bliżyna do Niekłania i z powrotem płacą w obie strony całkowicie kop. 60.
